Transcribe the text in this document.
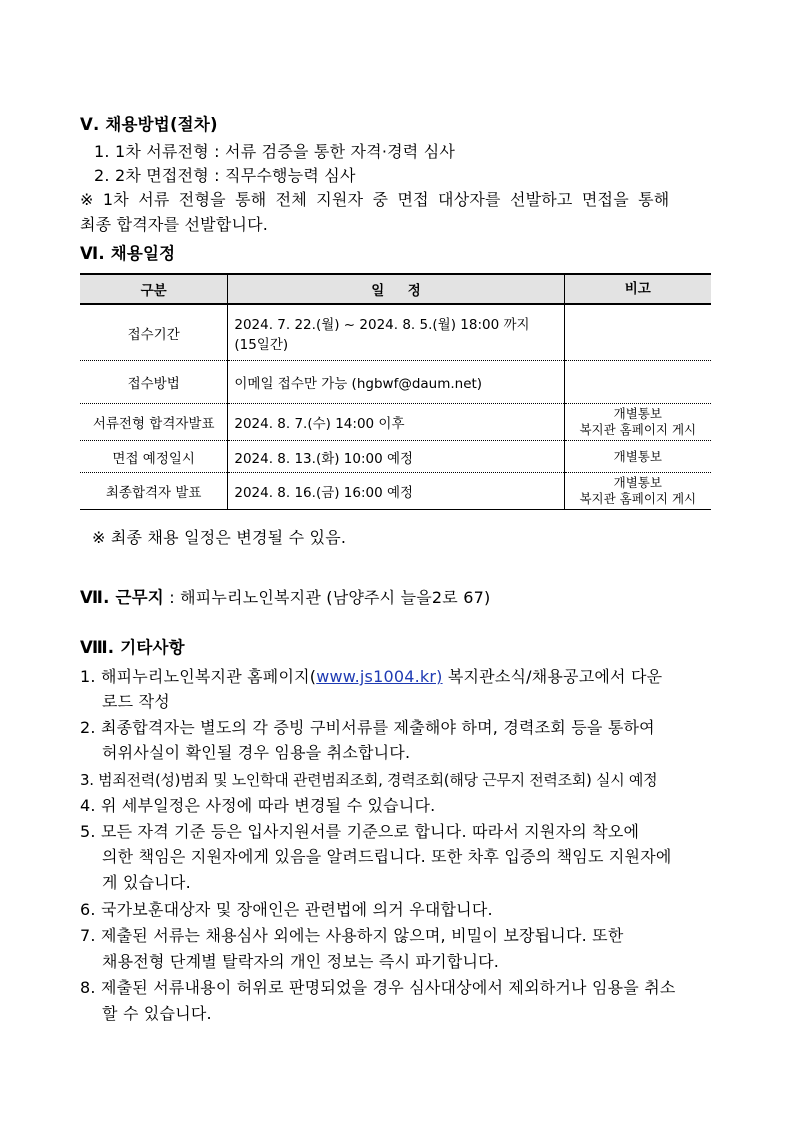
Ⅴ. 채용방법(절차)
1. 1차 서류전형 : 서류 검증을 통한 자격·경력 심사
2. 2차 면접전형 : 직무수행능력 심사
※ 1차 서류 전형을 통해 전체 지원자 중 면접 대상자를 선발하고 면접을 통해
최종 합격자를 선발합니다.
Ⅵ. 채용일정
구분	일     정	비고
접수기간	2024. 7. 22.(월) ~ 2024. 8. 5.(월) 18:00 까지
(15일간)	

접수방법	이메일 접수만 가능 (hgbwf@daum.net)	

서류전형 합격자발표	2024. 8. 7.(수) 14:00 이후	개별통보
복지관 홈페이지 게시

면접 예정일시	2024. 8. 13.(화) 10:00 예정	개별통보

최종합격자 발표	2024. 8. 16.(금) 16:00 예정	개별통보
복지관 홈페이지 게시
※ 최종 채용 일정은 변경될 수 있음.
Ⅶ. 근무지 : 해피누리노인복지관 (남양주시 늘을2로 67)
Ⅷ. 기타사항
1. 해피누리노인복지관 홈페이지(www.js1004.kr) 복지관소식/채용공고에서 다운
로드 작성
2. 최종합격자는 별도의 각 증빙 구비서류를 제출해야 하며, 경력조회 등을 통하여
허위사실이 확인될 경우 임용을 취소합니다.
3. 범죄전력(성)범죄 및 노인학대 관련범죄조회, 경력조회(해당 근무지 전력조회) 실시 예정
4. 위 세부일정은 사정에 따라 변경될 수 있습니다.
5. 모든 자격 기준 등은 입사지원서를 기준으로 합니다. 따라서 지원자의 착오에
의한 책임은 지원자에게 있음을 알려드립니다. 또한 차후 입증의 책임도 지원자에
게 있습니다.
6. 국가보훈대상자 및 장애인은 관련법에 의거 우대합니다.
7. 제출된 서류는 채용심사 외에는 사용하지 않으며, 비밀이 보장됩니다. 또한
채용전형 단계별 탈락자의 개인 정보는 즉시 파기합니다.
8. 제출된 서류내용이 허위로 판명되었을 경우 심사대상에서 제외하거나 임용을 취소
할 수 있습니다.
